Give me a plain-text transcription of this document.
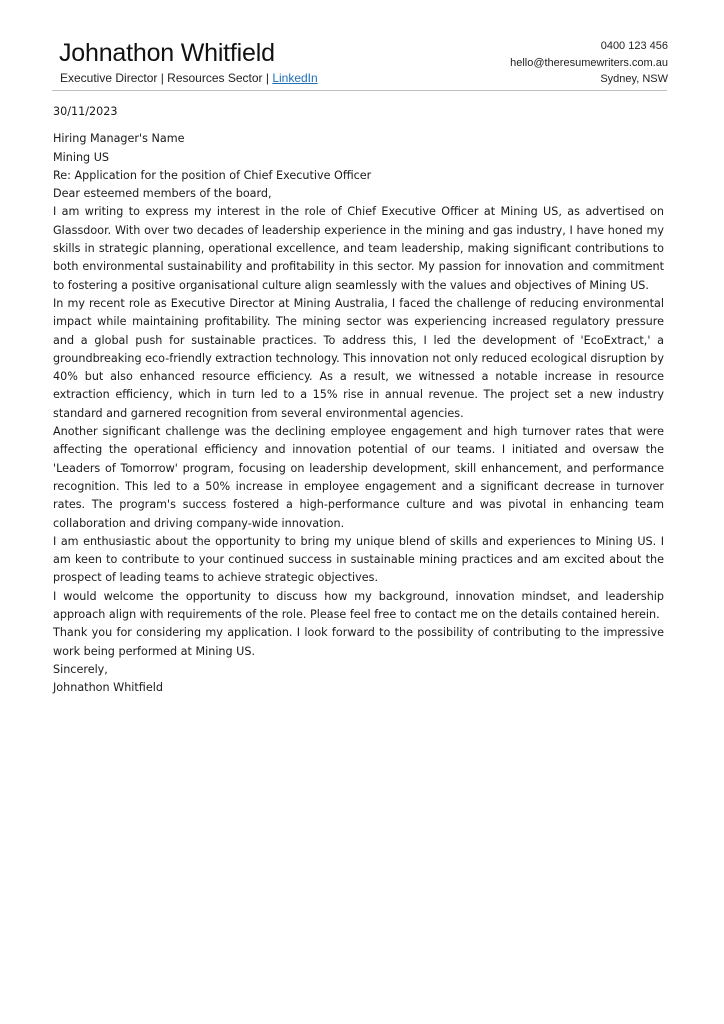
Johnathon Whitfield
Executive Director | Resources Sector | LinkedIn
0400 123 456
hello@theresumewriters.com.au
Sydney, NSW

30/11/2023

Hiring Manager's Name

Mining US

Re: Application for the position of Chief Executive Officer

Dear esteemed members of the board,

I am writing to express my interest in the role of Chief Executive Officer at Mining US, as advertised on Glassdoor. With over two decades of leadership experience in the mining and gas industry, I have honed my skills in strategic planning, operational excellence, and team leadership, making significant contributions to both environmental sustainability and profitability in this sector. My passion for innovation and commitment to fostering a positive organisational culture align seamlessly with the values and objectives of Mining US.

In my recent role as Executive Director at Mining Australia, I faced the challenge of reducing environmental impact while maintaining profitability. The mining sector was experiencing increased regulatory pressure and a global push for sustainable practices. To address this, I led the development of 'EcoExtract,' a groundbreaking eco-friendly extraction technology. This innovation not only reduced ecological disruption by 40% but also enhanced resource efficiency. As a result, we witnessed a notable increase in resource extraction efficiency, which in turn led to a 15% rise in annual revenue. The project set a new industry standard and garnered recognition from several environmental agencies.

Another significant challenge was the declining employee engagement and high turnover rates that were affecting the operational efficiency and innovation potential of our teams. I initiated and oversaw the 'Leaders of Tomorrow' program, focusing on leadership development, skill enhancement, and performance recognition. This led to a 50% increase in employee engagement and a significant decrease in turnover rates. The program's success fostered a high-performance culture and was pivotal in enhancing team collaboration and driving company-wide innovation.

I am enthusiastic about the opportunity to bring my unique blend of skills and experiences to Mining US. I am keen to contribute to your continued success in sustainable mining practices and am excited about the prospect of leading teams to achieve strategic objectives.

I would welcome the opportunity to discuss how my background, innovation mindset, and leadership approach align with requirements of the role. Please feel free to contact me on the details contained herein.

Thank you for considering my application. I look forward to the possibility of contributing to the impressive work being performed at Mining US.

Sincerely,

Johnathon Whitfield
